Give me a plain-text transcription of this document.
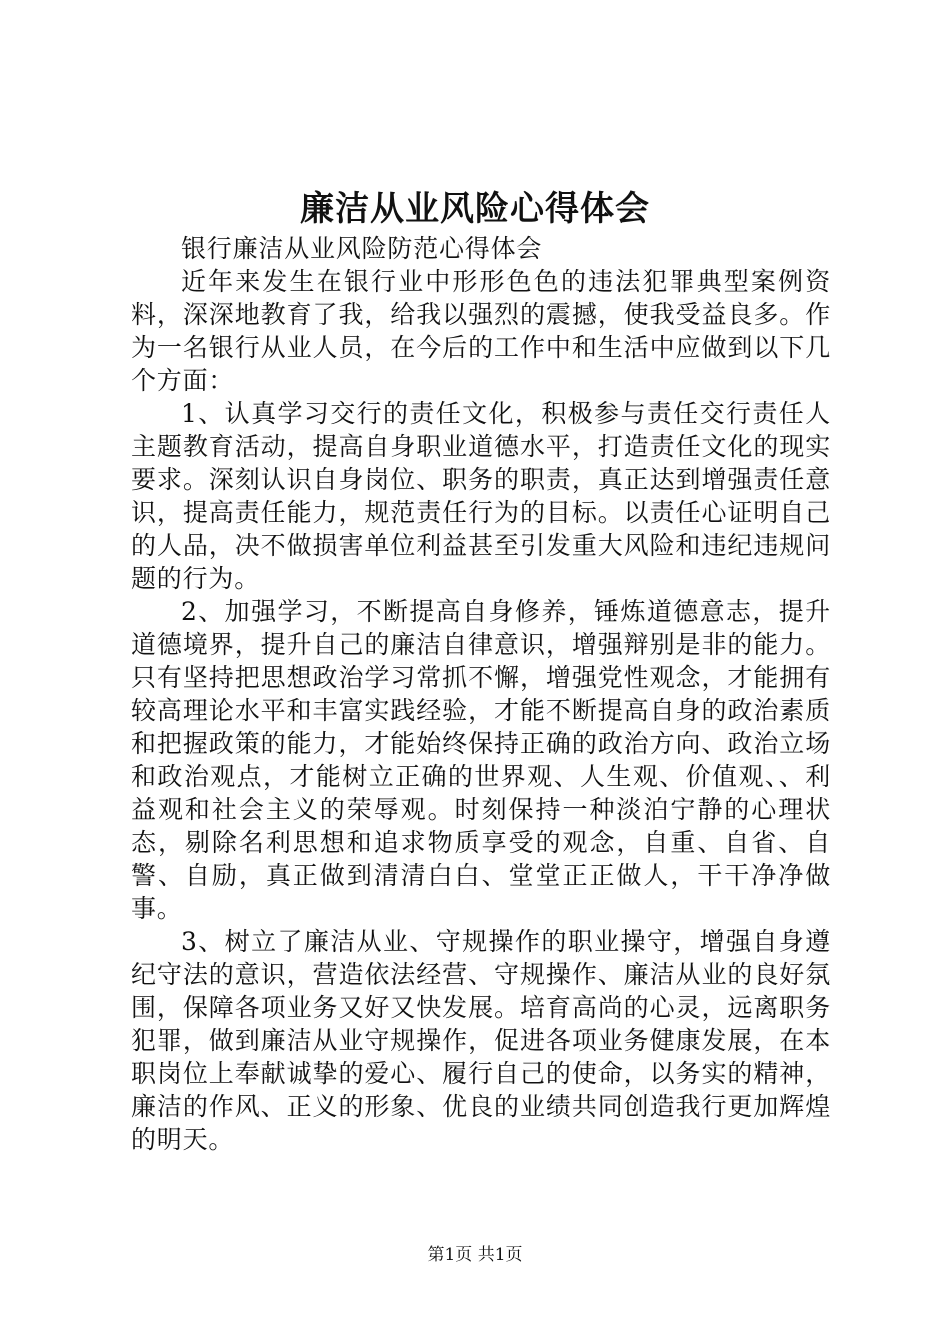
廉洁从业风险心得体会
银行廉洁从业风险防范心得体会

近年来发生在银行业中形形色色的违法犯罪典型案例资料，深深地教育了我，给我以强烈的震撼，使我受益良多。作为一名银行从业人员，在今后的工作中和生活中应做到以下几个方面：

1、认真学习交行的责任文化，积极参与责任交行责任人主题教育活动，提高自身职业道德水平，打造责任文化的现实要求。深刻认识自身岗位、职务的职责，真正达到增强责任意识，提高责任能力，规范责任行为的目标。以责任心证明自己的人品，决不做损害单位利益甚至引发重大风险和违纪违规问题的行为。

2、加强学习，不断提高自身修养，锤炼道德意志，提升道德境界，提升自己的廉洁自律意识，增强辩别是非的能力。只有坚持把思想政治学习常抓不懈，增强党性观念，才能拥有较高理论水平和丰富实践经验，才能不断提高自身的政治素质和把握政策的能力，才能始终保持正确的政治方向、政治立场和政治观点，才能树立正确的世界观、人生观、价值观、、利益观和社会主义的荣辱观。时刻保持一种淡泊宁静的心理状态，剔除名利思想和追求物质享受的观念，自重、自省、自警、自励，真正做到清清白白、堂堂正正做人，干干净净做事。

3、树立了廉洁从业、守规操作的职业操守，增强自身遵纪守法的意识，营造依法经营、守规操作、廉洁从业的良好氛围，保障各项业务又好又快发展。培育高尚的心灵，远离职务犯罪，做到廉洁从业守规操作，促进各项业务健康发展，在本职岗位上奉献诚挚的爱心、履行自己的使命，以务实的精神，廉洁的作风、正义的形象、优良的业绩共同创造我行更加辉煌的明天。

第1页 共1页
